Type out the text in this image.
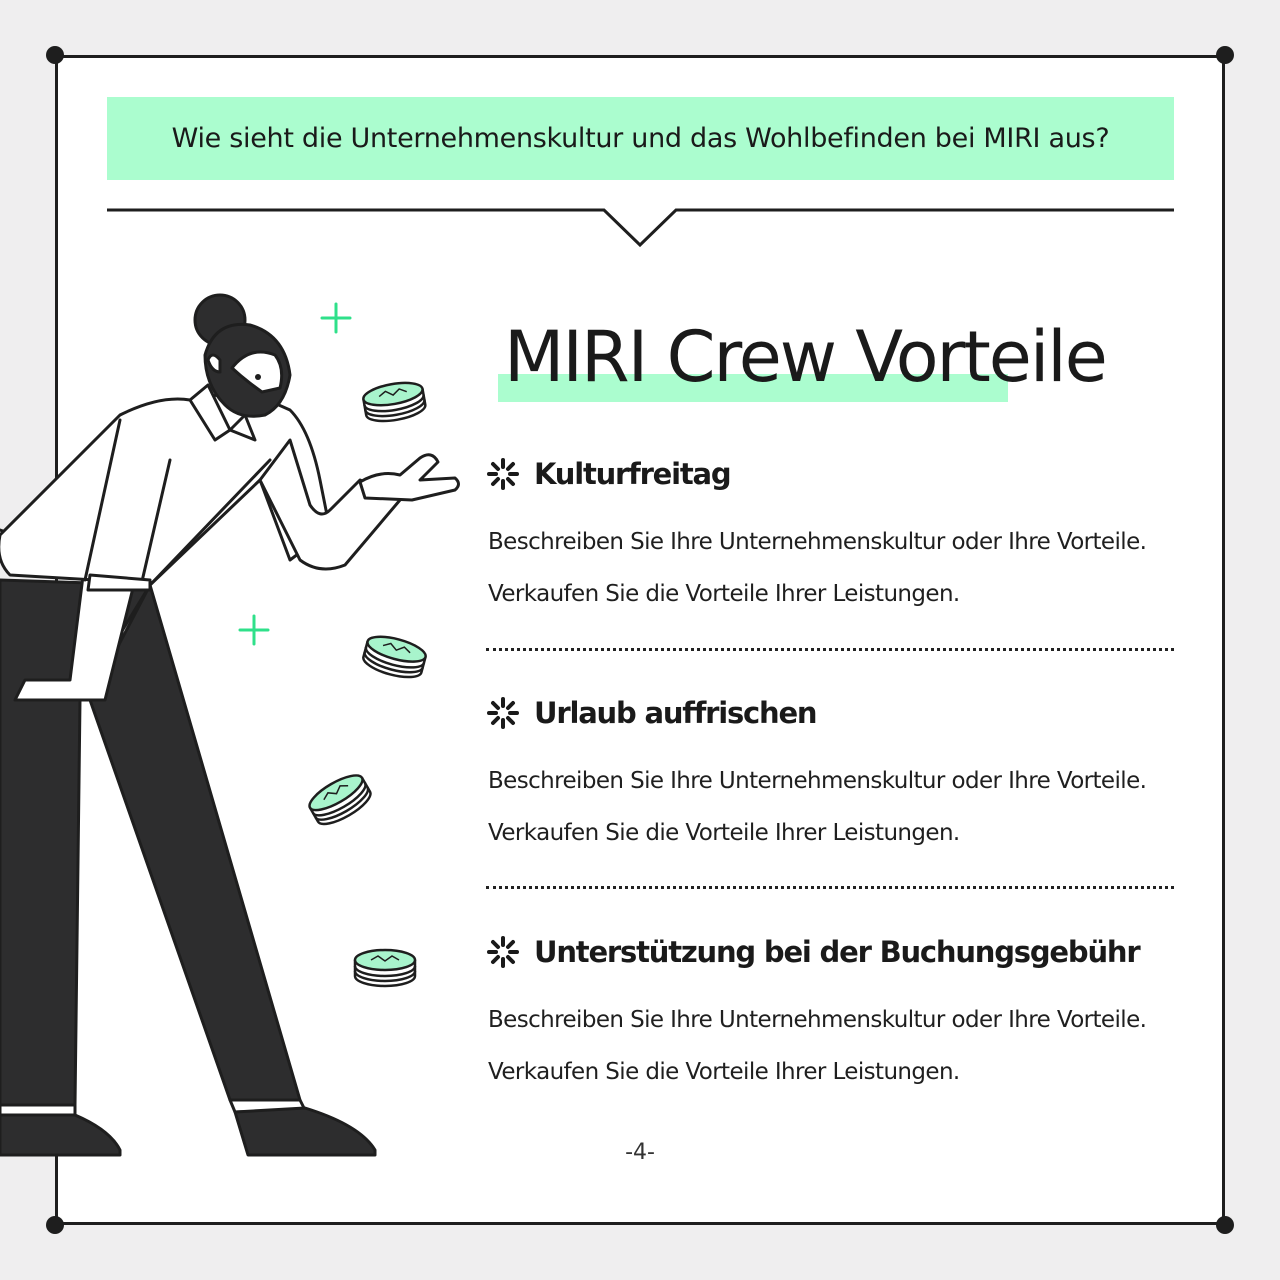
Wie sieht die Unternehmenskultur und das Wohlbefinden bei MIRI aus?
MIRI Crew Vorteile
Kulturfreitag
Beschreiben Sie Ihre Unternehmenskultur oder Ihre Vorteile.
Verkaufen Sie die Vorteile Ihrer Leistungen.
Urlaub auffrischen
Beschreiben Sie Ihre Unternehmenskultur oder Ihre Vorteile.
Verkaufen Sie die Vorteile Ihrer Leistungen.
Unterstützung bei der Buchungsgebühr
Beschreiben Sie Ihre Unternehmenskultur oder Ihre Vorteile.
Verkaufen Sie die Vorteile Ihrer Leistungen.
-4-
